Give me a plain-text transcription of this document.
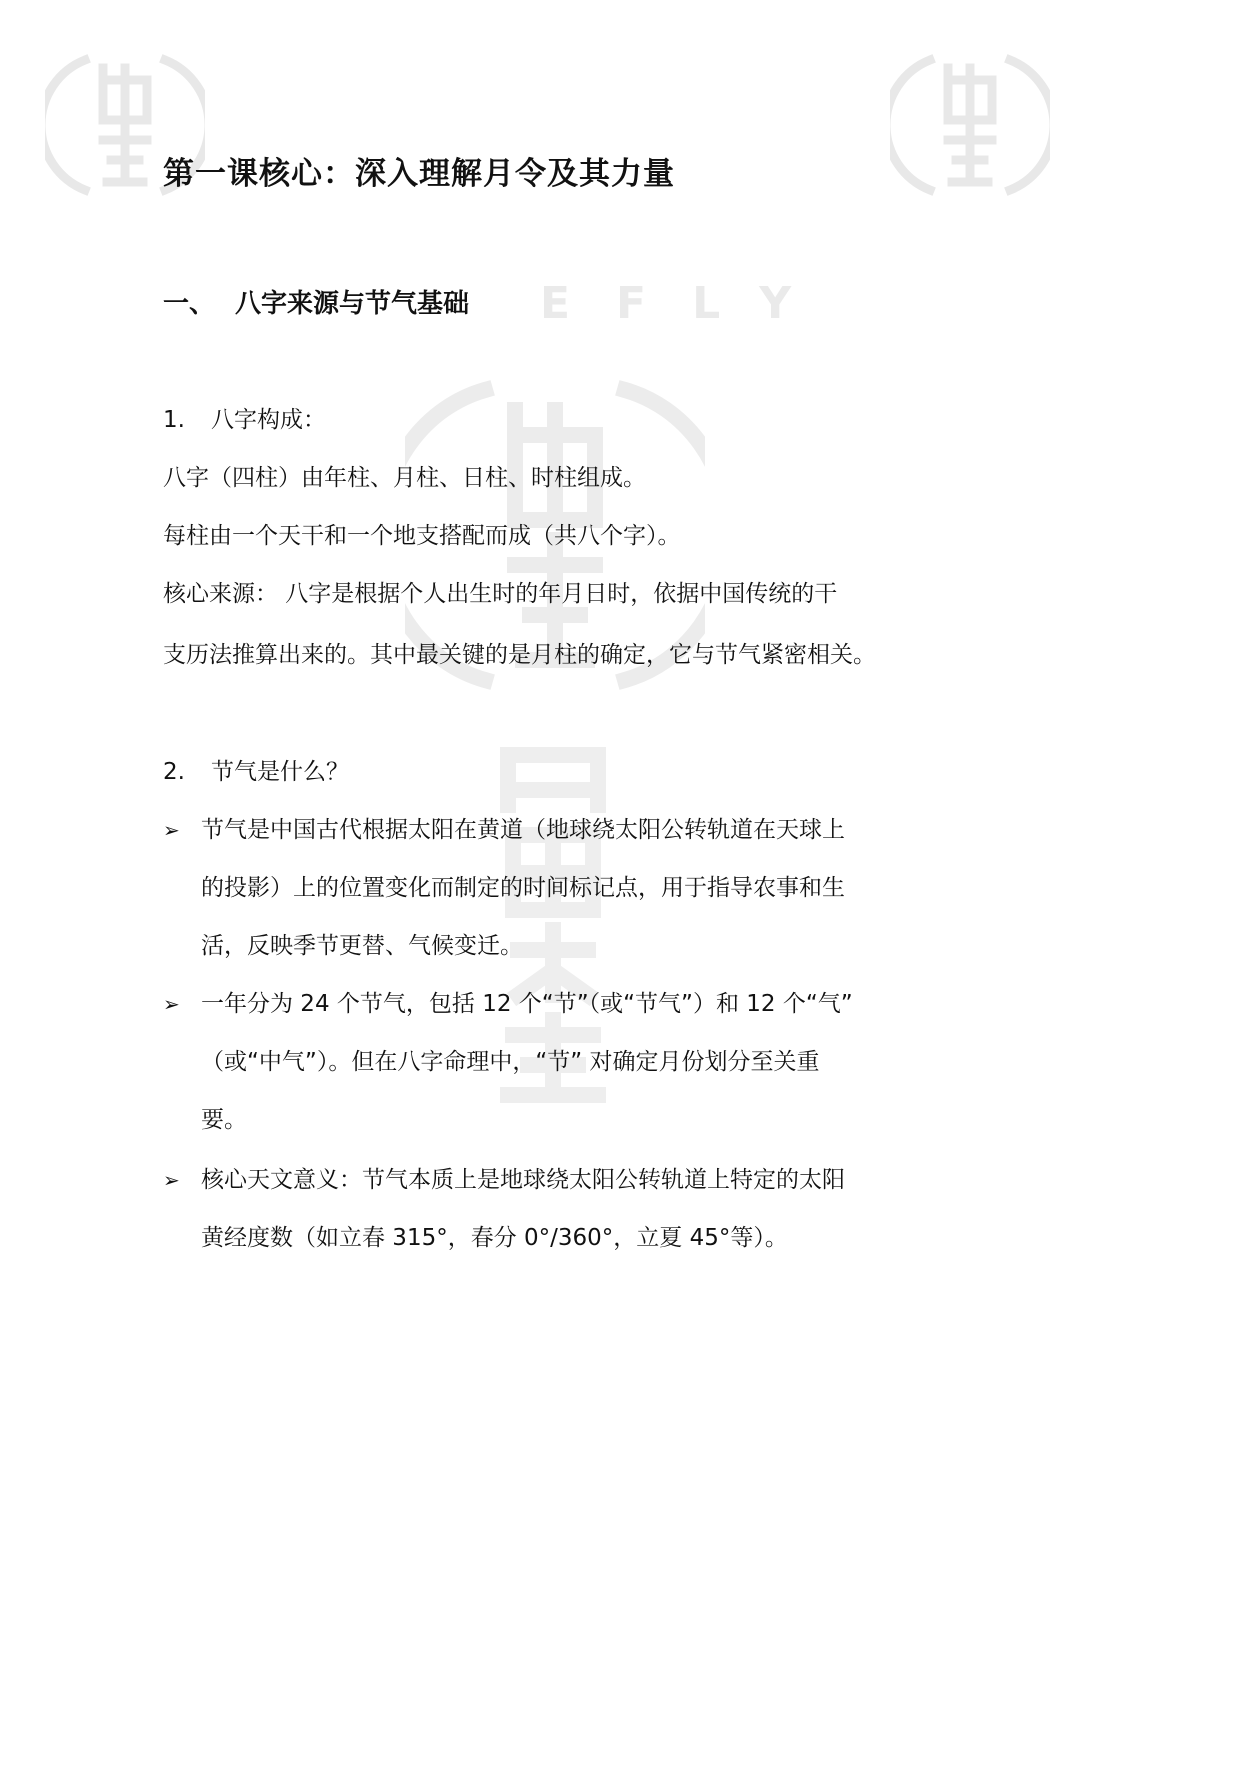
EFLY
第一课核心：深入理解月令及其力量
一、 八字来源与节气基础
1. 八字构成：
八字（四柱）由年柱、月柱、日柱、时柱组成。
每柱由一个天干和一个地支搭配而成（共八个字）。
核心来源： 八字是根据个人出生时的年月日时，依据中国传统的干
支历法推算出来的。其中最关键的是月柱的确定，它与节气紧密相关。
2. 节气是什么？
➢ 节气是中国古代根据太阳在黄道（地球绕太阳公转轨道在天球上
的投影）上的位置变化而制定的时间标记点，用于指导农事和生
活，反映季节更替、气候变迁。
➢ 一年分为 24 个节气，包括 12 个“节”（或“节气”）和 12 个“气”
（或“中气”）。但在八字命理中，“节” 对确定月份划分至关重
要。
➢ 核心天文意义：节气本质上是地球绕太阳公转轨道上特定的太阳
黄经度数（如立春 315°，春分 0°/360°，立夏 45°等）。
